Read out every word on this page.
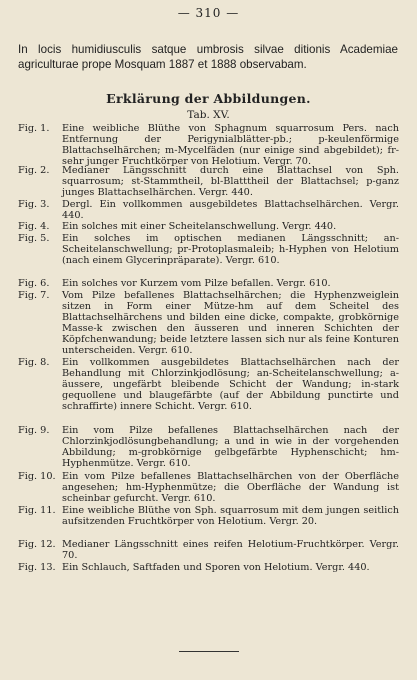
— 310 —
In locis humidiusculis satque umbrosis silvae ditionis Academiae agriculturae prope Mosquam 1887 et 1888 observabam.
Erklärung der Abbildungen.
Tab. XV.
Fig. 1.	Eine weibliche Blüthe von Sphagnum squarrosum Pers. nach Entfernung der Perigynialblätter-pb.; p-keulenförmige Blattachselhärchen; m-Mycelfäden (nur einige sind abgebildet); fr-sehr junger Fruchtkörper von Helotium. Vergr. 70.
Fig. 2.	Medianer Längsschnitt durch eine Blattachsel von Sph. squarrosum; st-Stammtheil, bl-Blatttheil der Blattachsel; p-ganz junges Blattachselhärchen. Vergr. 440.
Fig. 3.	Dergl. Ein vollkommen ausgebildetes Blattachselhärchen. Vergr. 440.
Fig. 4.	Ein solches mit einer Scheitelanschwellung. Vergr. 440.
Fig. 5.	Ein solches im optischen medianen Längsschnitt; an-Scheitelanschwellung; pr-Protoplasmaleib; h-Hyphen von Helotium (nach einem Glycerinpräparate). Vergr. 610.
Fig. 6.	Ein solches vor Kurzem vom Pilze befallen. Vergr. 610.
Fig. 7.	Vom Pilze befallenes Blattachselhärchen; die Hyphenzweiglein sitzen in Form einer Mütze-hm auf dem Scheitel des Blattachselhärchens und bilden eine dicke, compakte, grobkörnige Masse-k zwischen den äusseren und inneren Schichten der Köpfchenwandung; beide letztere lassen sich nur als feine Konturen unterscheiden. Vergr. 610.
Fig. 8.	Ein vollkommen ausgebildetes Blattachselhärchen nach der Behandlung mit Chlorzinkjodlösung; an-Scheitelanschwellung; a-äussere, ungefärbt bleibende Schicht der Wandung; in-stark gequollene und blaugefärbte (auf der Abbildung punctirte und schraffirte) innere Schicht. Vergr. 610.
Fig. 9.	Ein vom Pilze befallenes Blattachselhärchen nach der Chlorzinkjodlösungbehandlung; a und in wie in der vorgehenden Abbildung; m-grobkörnige gelbgefärbte Hyphenschicht; hm-Hyphenmütze. Vergr. 610.
Fig. 10. Ein vom Pilze befallenes Blattachselhärchen von der Oberfläche angesehen; hm-Hyphenmütze; die Oberfläche der Wandung ist scheinbar gefurcht. Vergr. 610.
Fig. 11. Eine weibliche Blüthe von Sph. squarrosum mit dem jungen seitlich aufsitzenden Fruchtkörper von Helotium. Vergr. 20.
Fig. 12. Medianer Längsschnitt eines reifen Helotium-Fruchtkörper. Vergr. 70.
Fig. 13. Ein Schlauch, Saftfaden und Sporen von Helotium. Vergr. 440.
